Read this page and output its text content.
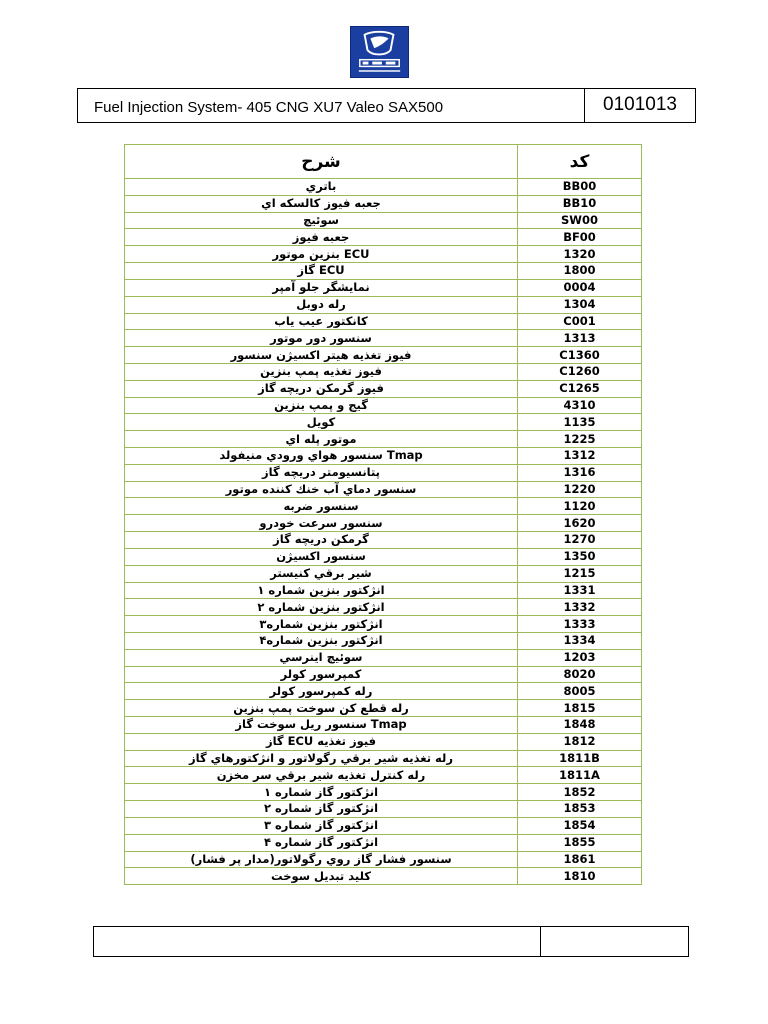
Fuel Injection System- 405 CNG XU7 Valeo SAX500	0101013
شرح	کد
باتري	BB00
جعبه فيوز كالسكه اي	BB10
سوئيچ	SW00
جعبه فيوز	BF00
ECU بنزين موتور	1320
ECU گاز	1800
نمايشگر جلو آمپر	0004
رله دوبل	1304
كانكتور عيب ياب	C001
سنسور دور موتور	1313
فيوز تغذيه هيتر اكسيژن سنسور	C1360
فيوز تغذيه پمپ بنزين	C1260
فيوز گرمكن دريچه گاز	C1265
گيج و پمپ بنزين	4310
كويل	1135
موتور پله اي	1225
Tmap سنسور هواي ورودي منيفولد	1312
پتانسيومتر دريچه گاز	1316
سنسور دماي آب خنك كننده موتور	1220
سنسور ضربه	1120
سنسور سرعت خودرو	1620
گرمكن دريچه گاز	1270
سنسور اكسيژن	1350
شير برقي كنيستر	1215
انژكتور بنزين شماره ۱	1331
انژكتور بنزين شماره ۲	1332
انژكتور بنزين شماره۳	1333
انژكتور بنزين شماره۴	1334
سوئيچ اينرسي	1203
كمپرسور كولر	8020
رله كمپرسور كولر	8005
رله قطع كن سوخت پمپ بنزين	1815
Tmap سنسور ريل سوخت گاز	1848
فيوز تغذيه ECU گاز	1812
رله تغذيه شير برقي رگولاتور و انژكتورهاي گاز	1811B
رله كنترل تغذيه شير برقي سر مخزن	1811A
انژكتور گاز شماره ۱	1852
انژكتور گاز شماره ۲	1853
انژكتور گاز شماره ۳	1854
انژكتور گاز شماره ۴	1855
سنسور فشار گاز روي رگولاتور(مدار پر فشار)	1861
كليد تبديل سوخت	1810
